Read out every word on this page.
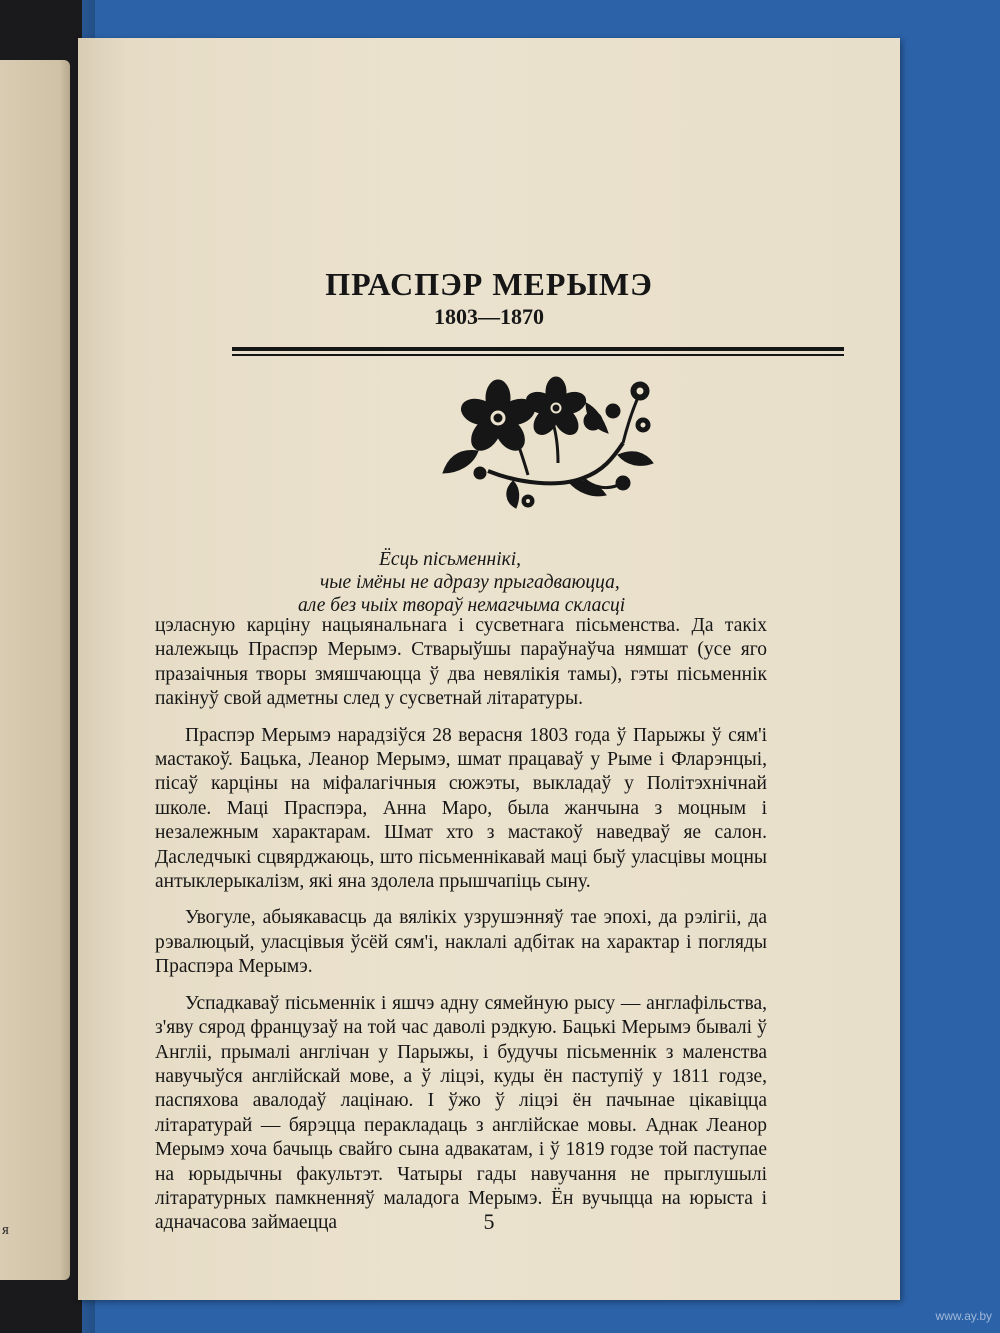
я
ПРАСПЭР МЕРЫМЭ
1803—1870
5
Ёсць пісьменнікі,
чые імёны не адразу прыгадваюцца,
але без чыіх твораў немагчыма скласці

цэласную карціну нацыянальнага і сусветнага пісьменства. Да такіх належыць Праспэр Мерымэ. Стварыўшы параўнаўча нямшат (усе яго празаічныя творы змяшчаюцца ў два невялікія тамы), гэты пісьменнік пакінуў свой адметны след у сусветнай літаратуры.

Праспэр Мерымэ нарадзіўся 28 верасня 1803 года ў Парыжы ў сям'і мастакоў. Бацька, Леанор Мерымэ, шмат працаваў у Рыме і Фларэнцыі, пісаў карціны на міфалагічныя сюжэты, выкладаў у Політэхнічнай школе. Маці Праспэра, Анна Маро, была жанчына з моцным і незалежным характарам. Шмат хто з мастакоў наведваў яе салон. Даследчыкі сцвярджаюць, што пісьменнікавай маці быў уласцівы моцны антыклерыкалізм, які яна здолела прышчапіць сыну.

Увогуле, абыякавасць да вялікіх узрушэнняў тае эпохі, да рэлігіі, да рэвалюцый, уласцівыя ўсёй сям'і, наклалі адбітак на характар і погляды Праспэра Мерымэ.

Успадкаваў пісьменнік і яшчэ адну сямейную рысу — англафільства, з'яву сярод французаў на той час даволі рэдкую. Бацькі Мерымэ бывалі ў Англіі, прымалі англічан у Парыжы, і будучы пісьменнік з маленства навучыўся англійскай мове, а ў ліцэі, куды ён паступіў у 1811 годзе, паспяхова авалодаў лацінаю. І ўжо ў ліцэі ён пачынае цікавіцца літаратурай — бярэцца перакладаць з англійскае мовы. Аднак Леанор Мерымэ хоча бачыць свайго сына адвакатам, і ў 1819 годзе той паступае на юрыдычны факультэт. Чатыры гады навучання не прыглушылі літаратурных памкненняў маладога Мерымэ. Ён вучыцца на юрыста і адначасова займаецца

www.ay.by
